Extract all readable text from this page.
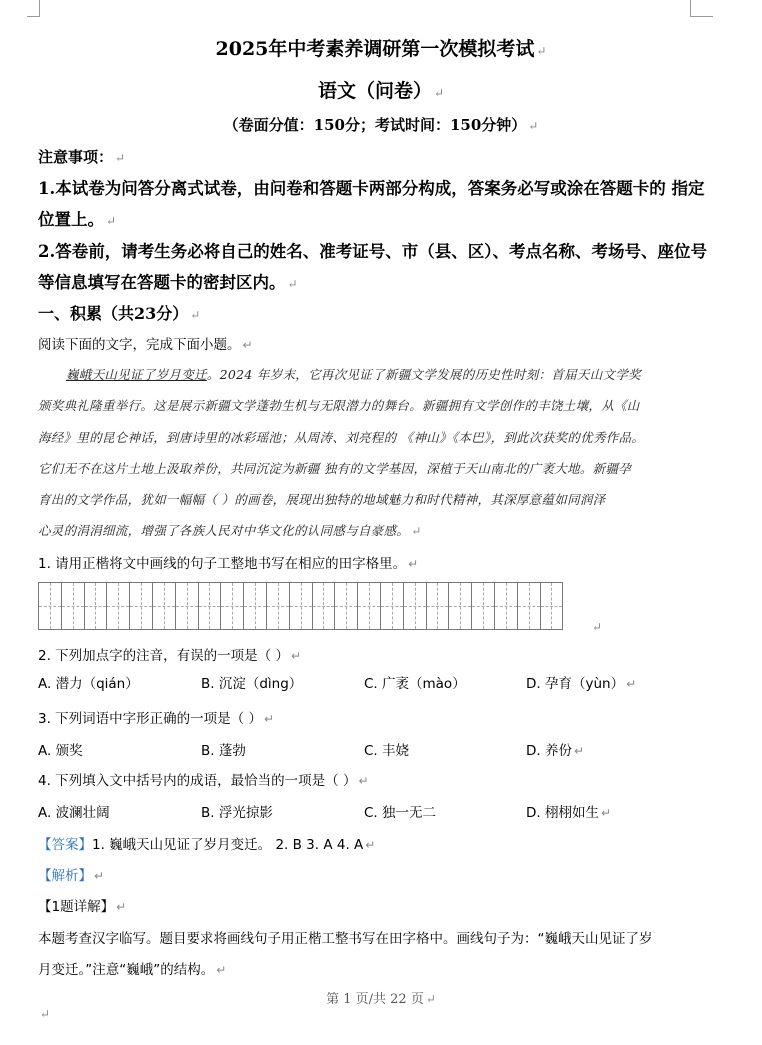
2025年中考素养调研第一次模拟考试 ↵
语文（问卷） ↵
（卷面分值：150分；考试时间：150分钟） ↵
注意事项： ↵
1.本试卷为问答分离式试卷，由问卷和答题卡两部分构成，答案务必写或涂在答题卡的 指定
位置上。 ↵
2.答卷前，请考生务必将自己的姓名、准考证号、市（县、区）、考点名称、考场号、座位号
等信息填写在答题卡的密封区内。 ↵
一、积累（共23分） ↵
阅读下面的文字，完成下面小题。 ↵
巍峨天山见证了岁月变迁。2024 年岁末，它再次见证了新疆文学发展的历史性时刻：首届天山文学奖
颁奖典礼隆重举行。这是展示新疆文学蓬勃生机与无限潜力的舞台。新疆拥有文学创作的丰饶土壤，从《山
海经》里的昆仑神话，到唐诗里的冰彩瑶池；从周涛、刘亮程的 《神山》《本巴》，到此次获奖的优秀作品。
它们无不在这片土地上汲取养份，共同沉淀为新疆 独有的文学基因，深植于天山南北的广袤大地。新疆孕
育出的文学作品，犹如一幅幅（ ）的画卷，展现出独特的地域魅力和时代精神，其深厚意蕴如同润泽
心灵的涓涓细流，增强了各族人民对中华文化的认同感与自豪感。 ↵
1. 请用正楷将文中画线的句子工整地书写在相应的田字格里。 ↵
↵
2. 下列加点字的注音，有误的一项是（ ） ↵
A. 潜力（qián）	B. 沉淀（dìng）	C. 广袤（mào）	D. 孕育（yùn） ↵
3. 下列词语中字形正确的一项是（ ） ↵
A. 颁奖	B. 蓬勃	C. 丰娆	D. 养份 ↵
4. 下列填入文中括号内的成语，最恰当的一项是（ ） ↵
A. 波澜壮阔	B. 浮光掠影	C. 独一无二	D. 栩栩如生 ↵
【答案】1. 巍峨天山见证了岁月变迁。 2. B 3. A 4. A ↵
【解析】 ↵
【1题详解】 ↵
本题考查汉字临写。题目要求将画线句子用正楷工整书写在田字格中。画线句子为：“巍峨天山见证了岁
月变迁。”注意“巍峨”的结构。 ↵
第 1 页/共 22 页 ↵
↵
